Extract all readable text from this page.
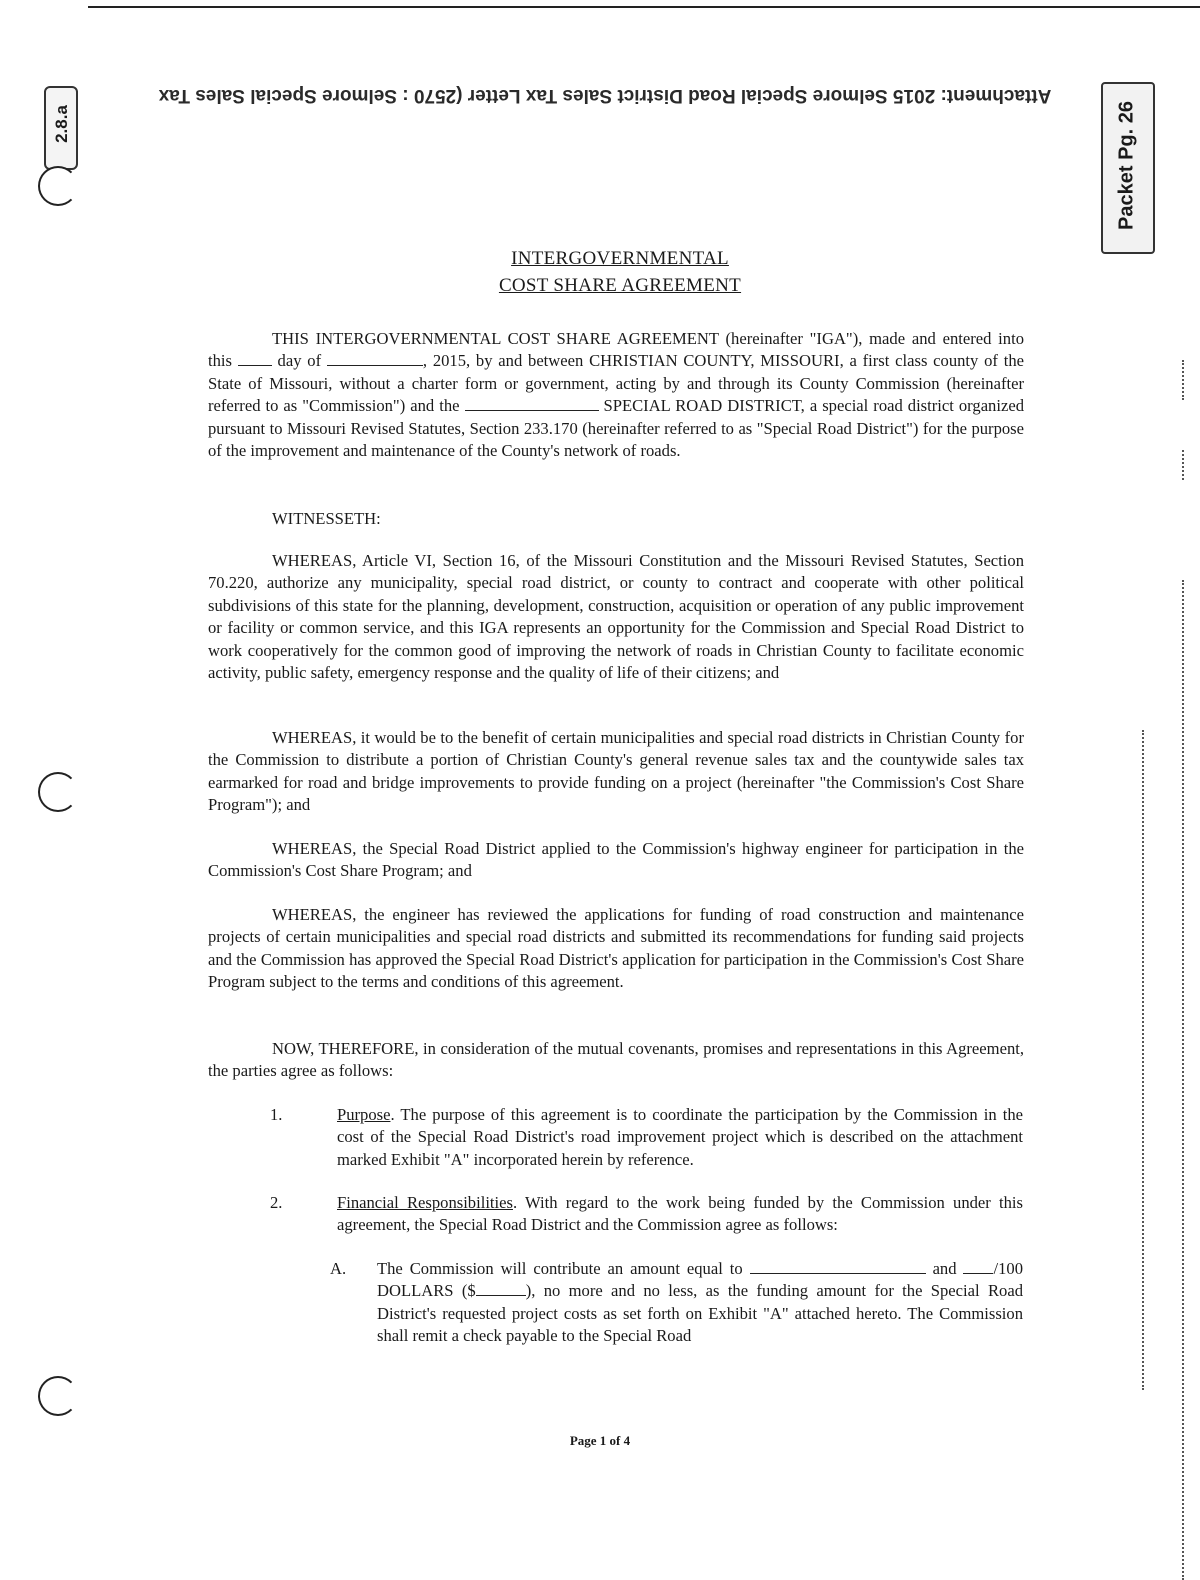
Attachment: 2015 Selmore Special Road District Sales Tax Letter (2570 : Selmore Special Sales Tax
2.8.a	Packet Pg. 26
INTERGOVERNMENTAL
COST SHARE AGREEMENT
THIS INTERGOVERNMENTAL COST SHARE AGREEMENT (hereinafter "IGA"), made and entered into this	day of	, 2015, by and between CHRISTIAN COUNTY, MISSOURI, a first class county of the State of Missouri, without a charter form or government, acting by and through its County Commission (hereinafter referred to as "Commission") and the	SPECIAL ROAD DISTRICT, a special road district organized pursuant to Missouri Revised Statutes, Section 233.170 (hereinafter referred to as "Special Road District") for the purpose of the improvement and maintenance of the County's network of roads.
WITNESSETH:
WHEREAS, Article VI, Section 16, of the Missouri Constitution and the Missouri Revised Statutes, Section 70.220, authorize any municipality, special road district, or county to contract and cooperate with other political subdivisions of this state for the planning, development, construction, acquisition or operation of any public improvement or facility or common service, and this IGA represents an opportunity for the Commission and Special Road District to work cooperatively for the common good of improving the network of roads in Christian County to facilitate economic activity, public safety, emergency response and the quality of life of their citizens; and
WHEREAS, it would be to the benefit of certain municipalities and special road districts in Christian County for the Commission to distribute a portion of Christian County's general revenue sales tax and the countywide sales tax earmarked for road and bridge improvements to provide funding on a project (hereinafter "the Commission's Cost Share Program"); and
WHEREAS, the Special Road District applied to the Commission's highway engineer for participation in the Commission's Cost Share Program; and
WHEREAS, the engineer has reviewed the applications for funding of road construction and maintenance projects of certain municipalities and special road districts and submitted its recommendations for funding said projects and the Commission has approved the Special Road District's application for participation in the Commission's Cost Share Program subject to the terms and conditions of this agreement.
NOW, THEREFORE, in consideration of the mutual covenants, promises and representations in this Agreement, the parties agree as follows:
1.	Purpose. The purpose of this agreement is to coordinate the participation by the Commission in the cost of the Special Road District's road improvement project which is described on the attachment marked Exhibit "A" incorporated herein by reference.
2.	Financial Responsibilities. With regard to the work being funded by the Commission under this agreement, the Special Road District and the Commission agree as follows:
A. The Commission will contribute an amount equal to	and /100 DOLLARS ($	), no more and no less, as the funding amount for the Special Road District's requested project costs as set forth on Exhibit "A" attached hereto. The Commission shall remit a check payable to the Special Road
Page 1 of 4
